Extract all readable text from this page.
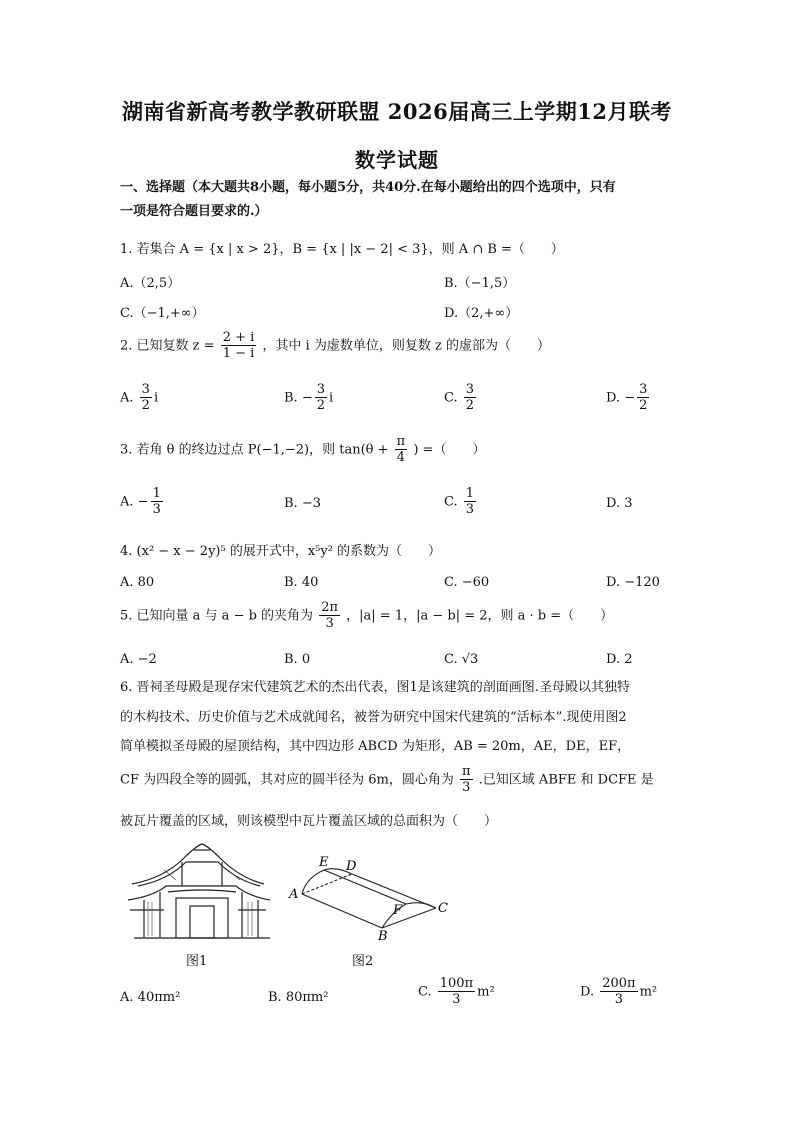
湖南省新高考教学教研联盟 2026届高三上学期12月联考
数学试题
一、选择题（本大题共8小题，每小题5分，共40分.在每小题给出的四个选项中，只有
一项是符合题目要求的.）
1. 若集合 A = {x | x > 2}，B = {x | |x − 2| < 3}，则 A ∩ B =（　　）
A.（2,5）	B.（−1,5）
C.（−1,+∞）	D.（2,+∞）
2. 已知复数 $z = \frac{2 + i}{1 - i}$ ，其中 i 为虚数单位，则复数 z 的虚部为（　　）
A. $\frac{3}{2}$ i	B. − $\frac{3}{2}$ i	C. $\frac{3}{2}$	D. − $\frac{3}{2}$
3. 若角 θ 的终边过点 P(−1,−2)，则 $\tan(\theta + \frac{\pi}{4}$ ) =（　　）
A. − $\frac{1}{3}$	B. −3	C. $\frac{1}{3}$	D. 3
4. (x² − x − 2y)⁵ 的展开式中，x⁵y² 的系数为（　　）
A. 80	B. 40	C. −60	D. −120
5. 已知向量 a 与 a − b 的夹角为 $\frac{2\pi}{3}$ ，|a| = 1，|a − b| = 2，则 a · b =（　　）
A. −2	B. 0	C. √3	D. 2
6. 晋祠圣母殿是现存宋代建筑艺术的杰出代表，图1是该建筑的剖面画图.圣母殿以其独特
的木构技术、历史价值与艺术成就闻名，被誉为研究中国宋代建筑的“活标本”.现使用图2
简单模拟圣母殿的屋顶结构，其中四边形 ABCD 为矩形，AB = 20m，AE，DE，EF，
CF 为四段全等的圆弧，其对应的圆半径为 6m，圆心角为 $\frac{\pi}{3}$ .已知区域 ABFE 和 DCFE 是
被瓦片覆盖的区域，则该模型中瓦片覆盖区域的总面积为（　　）
图1
E D
A
F	C
B
图2
A. 40πm²	B. 80πm²	C. $\frac{100\pi}{3} m^2$	D. $\frac{200\pi}{3} m^2$
